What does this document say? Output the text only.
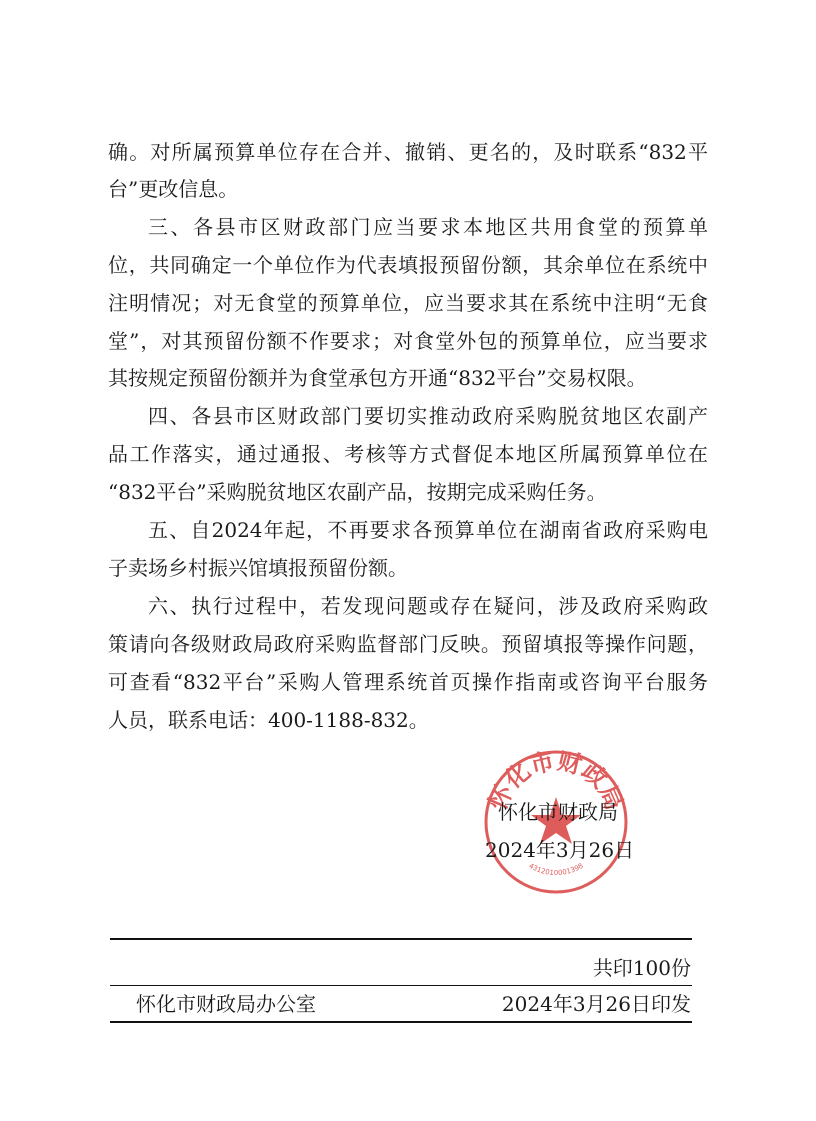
确。对所属预算单位存在合并、撤销、更名的，及时联系“832平
台”更改信息。
三、各县市区财政部门应当要求本地区共用食堂的预算单
位，共同确定一个单位作为代表填报预留份额，其余单位在系统中
注明情况；对无食堂的预算单位，应当要求其在系统中注明“无食
堂”，对其预留份额不作要求；对食堂外包的预算单位，应当要求
其按规定预留份额并为食堂承包方开通“832平台”交易权限。
四、各县市区财政部门要切实推动政府采购脱贫地区农副产
品工作落实，通过通报、考核等方式督促本地区所属预算单位在
“832平台”采购脱贫地区农副产品，按期完成采购任务。
五、自2024年起，不再要求各预算单位在湖南省政府采购电
子卖场乡村振兴馆填报预留份额。
六、执行过程中，若发现问题或存在疑问，涉及政府采购政
策请向各级财政局政府采购监督部门反映。预留填报等操作问题，
可查看“832平台”采购人管理系统首页操作指南或咨询平台服务
人员，联系电话：400-1188-832。
怀化市财政局
4312010001398
怀化市财政局
2024年3月26日
共印100份
怀化市财政局办公室	2024年3月26日印发
